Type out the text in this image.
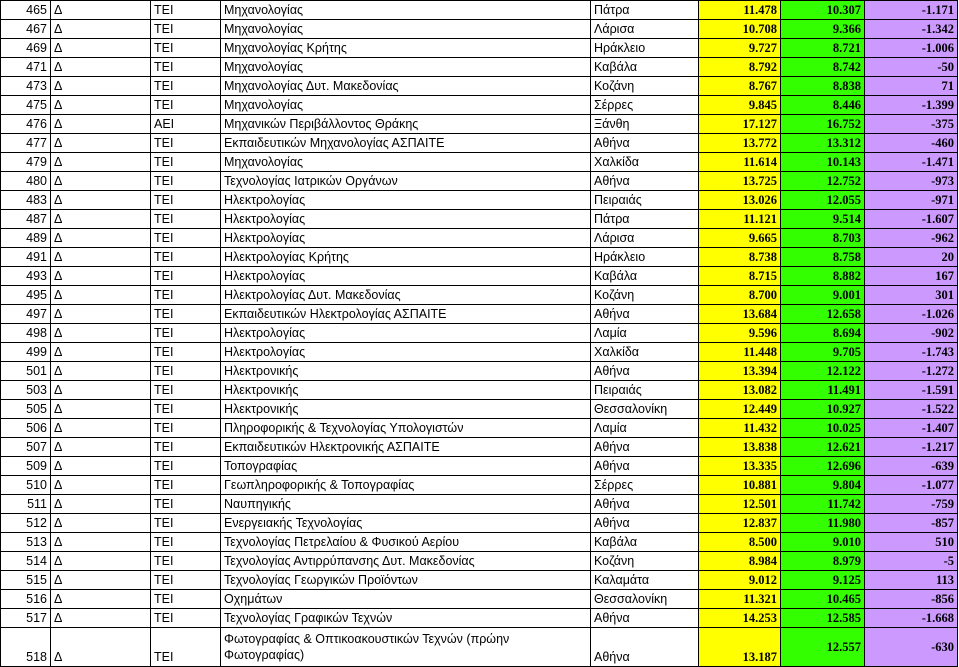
465	Δ	ΤΕΙ	Μηχανολογίας	Πάτρα	11.478	10.307	-1.171
467	Δ	ΤΕΙ	Μηχανολογίας	Λάρισα	10.708	9.366	-1.342
469	Δ	ΤΕΙ	Μηχανολογίας Κρήτης	Ηράκλειο	9.727	8.721	-1.006
471	Δ	ΤΕΙ	Μηχανολογίας	Καβάλα	8.792	8.742	-50
473	Δ	ΤΕΙ	Μηχανολογίας Δυτ. Μακεδονίας	Κοζάνη	8.767	8.838	71
475	Δ	ΤΕΙ	Μηχανολογίας	Σέρρες	9.845	8.446	-1.399
476	Δ	ΑΕΙ	Μηχανικών Περιβάλλοντος Θράκης	Ξάνθη	17.127	16.752	-375
477	Δ	ΤΕΙ	Εκπαιδευτικών Μηχανολογίας ΑΣΠΑΙΤΕ	Αθήνα	13.772	13.312	-460
479	Δ	ΤΕΙ	Μηχανολογίας	Χαλκίδα	11.614	10.143	-1.471
480	Δ	ΤΕΙ	Τεχνολογίας Ιατρικών Οργάνων	Αθήνα	13.725	12.752	-973
483	Δ	ΤΕΙ	Ηλεκτρολογίας	Πειραιάς	13.026	12.055	-971
487	Δ	ΤΕΙ	Ηλεκτρολογίας	Πάτρα	11.121	9.514	-1.607
489	Δ	ΤΕΙ	Ηλεκτρολογίας	Λάρισα	9.665	8.703	-962
491	Δ	ΤΕΙ	Ηλεκτρολογίας Κρήτης	Ηράκλειο	8.738	8.758	20
493	Δ	ΤΕΙ	Ηλεκτρολογίας	Καβάλα	8.715	8.882	167
495	Δ	ΤΕΙ	Ηλεκτρολογίας Δυτ. Μακεδονίας	Κοζάνη	8.700	9.001	301
497	Δ	ΤΕΙ	Εκπαιδευτικών Ηλεκτρολογίας ΑΣΠΑΙΤΕ	Αθήνα	13.684	12.658	-1.026
498	Δ	ΤΕΙ	Ηλεκτρολογίας	Λαμία	9.596	8.694	-902
499	Δ	ΤΕΙ	Ηλεκτρολογίας	Χαλκίδα	11.448	9.705	-1.743
501	Δ	ΤΕΙ	Ηλεκτρονικής	Αθήνα	13.394	12.122	-1.272
503	Δ	ΤΕΙ	Ηλεκτρονικής	Πειραιάς	13.082	11.491	-1.591
505	Δ	ΤΕΙ	Ηλεκτρονικής	Θεσσαλονίκη	12.449	10.927	-1.522
506	Δ	ΤΕΙ	Πληροφορικής & Τεχνολογίας Υπολογιστών	Λαμία	11.432	10.025	-1.407
507	Δ	ΤΕΙ	Εκπαιδευτικών Ηλεκτρονικής ΑΣΠΑΙΤΕ	Αθήνα	13.838	12.621	-1.217
509	Δ	ΤΕΙ	Τοπογραφίας	Αθήνα	13.335	12.696	-639
510	Δ	ΤΕΙ	Γεωπληροφορικής & Τοπογραφίας	Σέρρες	10.881	9.804	-1.077
511	Δ	ΤΕΙ	Ναυπηγικής	Αθήνα	12.501	11.742	-759
512	Δ	ΤΕΙ	Ενεργειακής Τεχνολογίας	Αθήνα	12.837	11.980	-857
513	Δ	ΤΕΙ	Τεχνολογίας Πετρελαίου & Φυσικού Αερίου	Καβάλα	8.500	9.010	510
514	Δ	ΤΕΙ	Τεχνολογίας Αντιρρύπανσης Δυτ. Μακεδονίας	Κοζάνη	8.984	8.979	-5
515	Δ	ΤΕΙ	Τεχνολογίας Γεωργικών Προϊόντων	Καλαμάτα	9.012	9.125	113
516	Δ	ΤΕΙ	Οχημάτων	Θεσσαλονίκη	11.321	10.465	-856
517	Δ	ΤΕΙ	Τεχνολογίας Γραφικών Τεχνών	Αθήνα	14.253	12.585	-1.668
518	Δ	ΤΕΙ	Φωτογραφίας & Οπτικοακουστικών Τεχνών (πρώην Φωτογραφίας)	Αθήνα	13.187	12.557	-630
